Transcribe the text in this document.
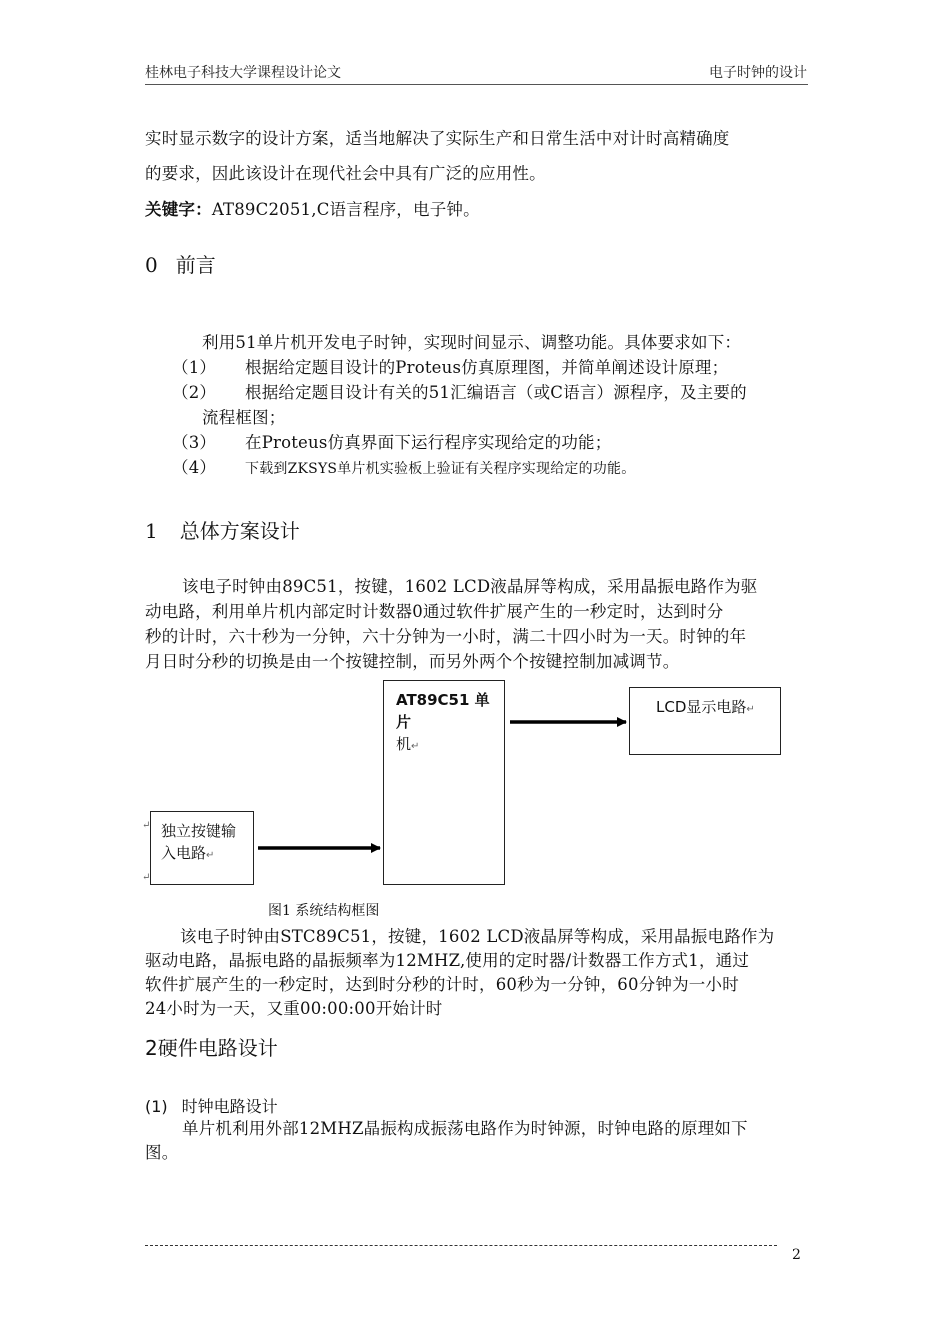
桂林电子科技大学课程设计论文	电子时钟的设计
实时显示数字的设计方案，适当地解决了实际生产和日常生活中对计时高精确度
的要求，因此该设计在现代社会中具有广泛的应用性。
关键字：AT89C2051,C语言程序，电子钟。
0 前言
利用51单片机开发电子时钟，实现时间显示、调整功能。具体要求如下：
（1） 根据给定题目设计的Proteus仿真原理图，并简单阐述设计原理；
（2） 根据给定题目设计有关的51汇编语言（或C语言）源程序，及主要的
流程框图；
（3） 在Proteus仿真界面下运行程序实现给定的功能；
（4） 下载到ZKSYS单片机实验板上验证有关程序实现给定的功能。
1 总体方案设计
该电子时钟由89C51，按键，1602 LCD液晶屏等构成，采用晶振电路作为驱
动电路，利用单片机内部定时计数器0通过软件扩展产生的一秒定时，达到时分
秒的计时，六十秒为一分钟，六十分钟为一小时，满二十四小时为一天。时钟的年
月日时分秒的切换是由一个按键控制，而另外两个个按键控制加减调节。
AT89C51 单片
机↵
LCD显示电路↵
独立按键输
入电路↵
↵
↵
图1 系统结构框图
该电子时钟由STC89C51，按键，1602 LCD液晶屏等构成，采用晶振电路作为
驱动电路，晶振电路的晶振频率为12MHZ,使用的定时器/计数器工作方式1，通过
软件扩展产生的一秒定时，达到时分秒的计时，60秒为一分钟，60分钟为一小时
24小时为一天，又重00:00:00开始计时
2硬件电路设计
(1) 时钟电路设计
单片机利用外部12MHZ晶振构成振荡电路作为时钟源，时钟电路的原理如下
图。
2
